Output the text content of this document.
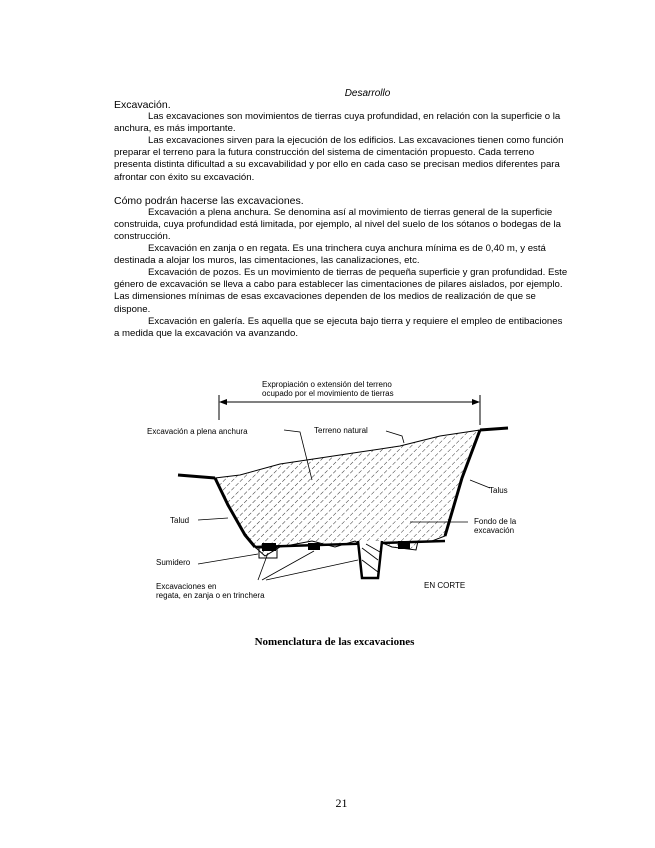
Desarrollo

Excavación.

Las excavaciones son movimientos de tierras cuya profundidad, en relación con la superficie o la anchura, es más importante.

Las excavaciones sirven para la ejecución de los edificios. Las excavaciones tienen como función preparar el terreno para la futura construcción del sistema de cimentación propuesto. Cada terreno presenta distinta dificultad a su excavabilidad y por ello en cada caso se precisan medios diferentes para afrontar con éxito su excavación.

Cómo podrán hacerse las excavaciones.

Excavación a plena anchura. Se denomina así al movimiento de tierras general de la superficie construida, cuya profundidad está limitada, por ejemplo, al nivel del suelo de los sótanos o bodegas de la construcción.

Excavación en zanja o en regata. Es una trinchera cuya anchura mínima es de 0,40 m, y está destinada a alojar los muros, las cimentaciones, las canalizaciones, etc.

Excavación de pozos. Es un movimiento de tierras de pequeña superficie y gran profundidad. Este género de excavación se lleva a cabo para establecer las cimentaciones de pilares aislados, por ejemplo. Las dimensiones mínimas de esas excavaciones dependen de los medios de realización de que se dispone.

Excavación en galería. Es aquella que se ejecuta bajo tierra y requiere el empleo de entibaciones a medida que la excavación va avanzando.

Expropiación o extensión del terreno
ocupado por el movimiento de tierras
Excavación a plena anchura	Terreno natural
Talus
Talud	Fondo de la
excavación
Sumidero
Excavaciones en
regata, en zanja o en trinchera
EN CORTE
Nomenclatura de las excavaciones
21
